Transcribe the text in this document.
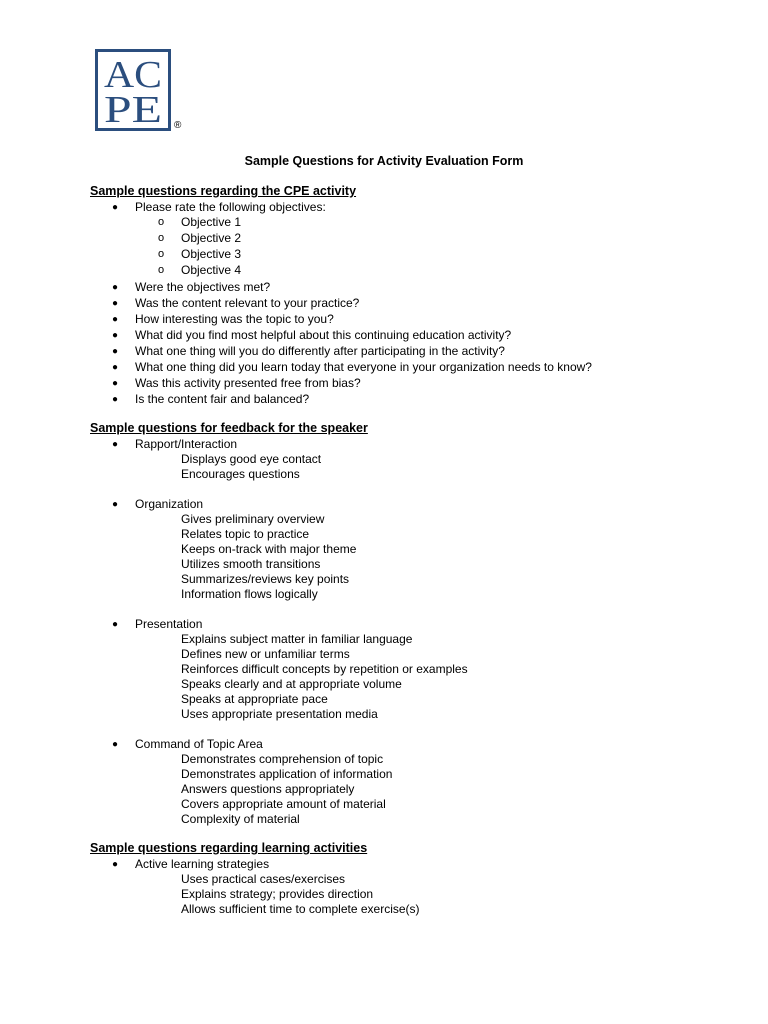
AC
PE ®
Sample Questions for Activity Evaluation Form
Sample questions regarding the CPE activity
● Please rate the following objectives:
o Objective 1
o Objective 2
o Objective 3
o Objective 4
● Were the objectives met?
● Was the content relevant to your practice?
● How interesting was the topic to you?
● What did you find most helpful about this continuing education activity?
● What one thing will you do differently after participating in the activity?
● What one thing did you learn today that everyone in your organization needs to know?
● Was this activity presented free from bias?
● Is the content fair and balanced?
Sample questions for feedback for the speaker
● Rapport/Interaction
Displays good eye contact
Encourages questions
● Organization
Gives preliminary overview
Relates topic to practice
Keeps on-track with major theme
Utilizes smooth transitions
Summarizes/reviews key points
Information flows logically
● Presentation
Explains subject matter in familiar language
Defines new or unfamiliar terms
Reinforces difficult concepts by repetition or examples
Speaks clearly and at appropriate volume
Speaks at appropriate pace
Uses appropriate presentation media
● Command of Topic Area
Demonstrates comprehension of topic
Demonstrates application of information
Answers questions appropriately
Covers appropriate amount of material
Complexity of material
Sample questions regarding learning activities
● Active learning strategies
Uses practical cases/exercises
Explains strategy; provides direction
Allows sufficient time to complete exercise(s)
